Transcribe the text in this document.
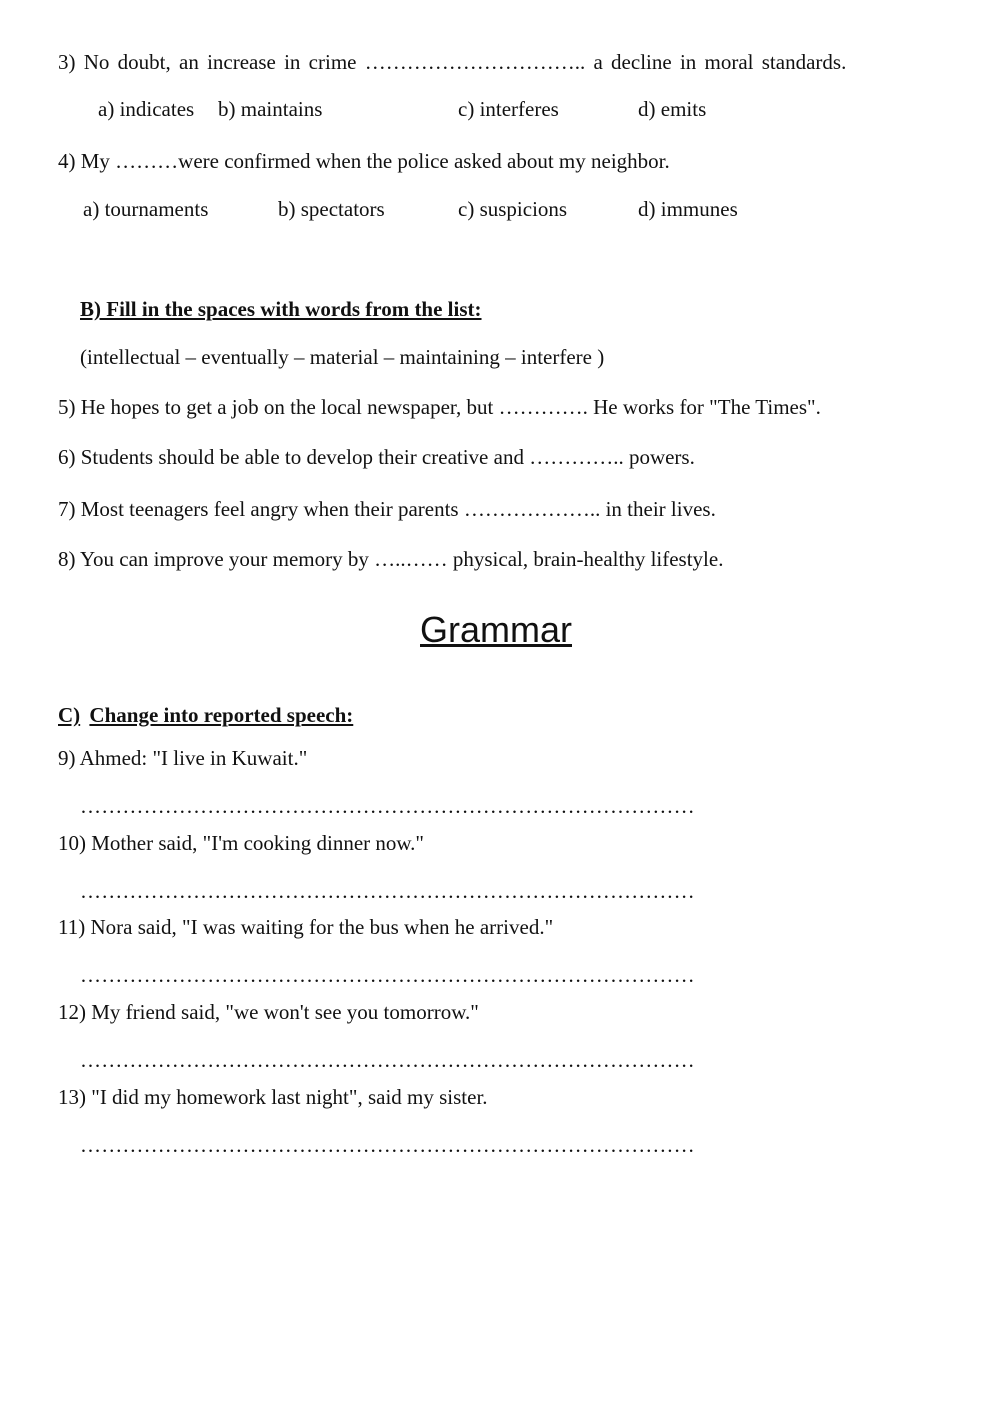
3) No doubt, an increase in crime ………………………….. a decline in moral standards.
a) indicates b) maintains	c) interferes	d) emits
4) My ………were confirmed when the police asked about my neighbor.
a) tournaments	b) spectators	c) suspicions	d) immunes
B) Fill in the spaces with words from the list:
(intellectual – eventually – material – maintaining – interfere )
5) He hopes to get a job on the local newspaper, but …………. He works for "The Times".
6) Students should be able to develop their creative and ………….. powers.
7) Most teenagers feel angry when their parents ……………….. in their lives.
8) You can improve your memory by …..…… physical, brain-healthy lifestyle.
Grammar
C) Change into reported speech:
9) Ahmed: "I live in Kuwait."
……………………………………………………………………………
10) Mother said, "I'm cooking dinner now."
……………………………………………………………………………
11) Nora said, "I was waiting for the bus when he arrived."
……………………………………………………………………………
12) My friend said, "we won't see you tomorrow."
……………………………………………………………………………
13) "I did my homework last night", said my sister.
……………………………………………………………………………
